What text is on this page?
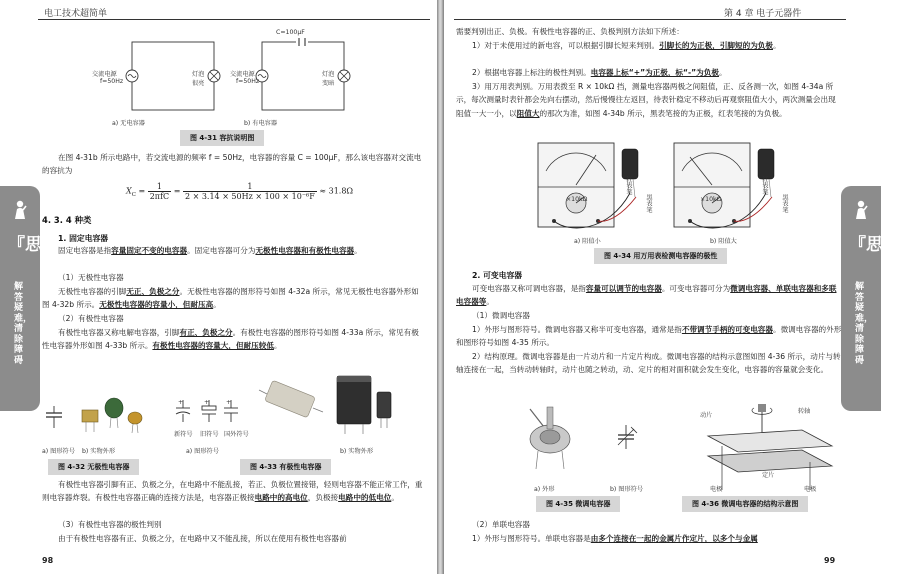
电工技术超简单
交流电源
f=50Hz
灯泡
很亮
a) 无电容器
C=100μF
交流电源
f=50Hz
灯泡
变暗
b) 有电容器
图 4-31 容抗说明图

在图 4-31b 所示电路中，若交流电源的频率 f = 50Hz，电容器的容量 C = 100μF，那么该电容器对交流电的容抗为

$X_C = \frac{1}{\text{2πfC}} = \frac{1}{\text{2 × 3.14 × 50Hz × 100 × 10⁻⁶F}} \approx 31.8\Omega$
4. 3. 4 种类
1. 固定电容器

固定电容器是指容量固定不变的电容器。固定电容器可分为无极性电容器和有极性电容器。

（1）无极性电容器

无极性电容器的引脚无正、负极之分。无极性电容器的图形符号如图 4-32a 所示，常见无极性电容器外形如图 4-32b 所示。无极性电容器的容量小，但耐压高。

（2）有极性电容器

有极性电容器又称电解电容器，引脚有正、负极之分。有极性电容器的图形符号如图 4-33a 所示，常见有极性电容器外形如图 4-33b 所示。有极性电容器的容量大，但耐压较低。

a) 图形符号 b) 实物外形
图 4-32 无极性电容器
+	+	+
新符号 旧符号 国外符号
a) 图形符号	b) 实物外形
图 4-33 有极性电容器

有极性电容器引脚有正、负极之分，在电路中不能乱接，若正、负极位置接错，轻则电容器不能正常工作，重则电容器炸裂。有极性电容器正确的连接方法是，电容器正极接电路中的高电位，负极接电路中的低电位。

（3）有极性电容器的极性判别

由于有极性电容器有正、负极之分，在电路中又不能乱接，所以在使用有极性电容器前

98
第 4 章 电子元器件

需要判别出正、负极。有极性电容器的正、负极判别方法如下所述：

1）对于未使用过的新电容，可以根据引脚长短来判别。引脚长的为正极，引脚短的为负极。

2）根据电容器上标注的极性判别。电容器上标“+”为正极，标“-”为负极。

3）用万用表判别。万用表拨至 R × 10kΩ 挡，测量电容器两极之间阻值，正、反各测一次，如图 4-34a 所示，每次测量时表针都会先向右摆动，然后慢慢往左返回，待表针稳定不移动后再观察阻值大小，两次测量会出现阻值一大一小，以阻值大的那次为准，如图 4-34b 所示，黑表笔接的为正极，红表笔接的为负极。

×10kΩ	×10kΩ
红表笔
黑表笔
红表笔
黑表笔
a) 阻值小	b) 阻值大
图 4-34 用万用表检测电容器的极性
2. 可变电容器

可变电容器又称可调电容器，是指容量可以调节的电容器。可变电容器可分为微调电容器、单联电容器和多联电容器等。

（1）微调电容器

1）外形与图形符号。微调电容器又称半可变电容器，通常是指不带调节手柄的可变电容器。微调电容器的外形和图形符号如图 4-35 所示。

2）结构原理。微调电容器是由一片动片和一片定片构成。微调电容器的结构示意图如图 4-36 所示，动片与转轴连接在一起，当转动转轴时，动片也随之转动，动、定片的相对面积就会发生变化，电容器的容量就会变化。

a) 外形	b) 图形符号
图 4-35 微调电容器
转轴
动片
定片
电极	电极
图 4-36 微调电容器的结构示意图

（2）单联电容器

1）外形与图形符号。单联电容器是由多个连接在一起的金属片作定片，以多个与金属

99
『思』
解答疑难，清除障碍
『思』
解答疑难，清除障碍
